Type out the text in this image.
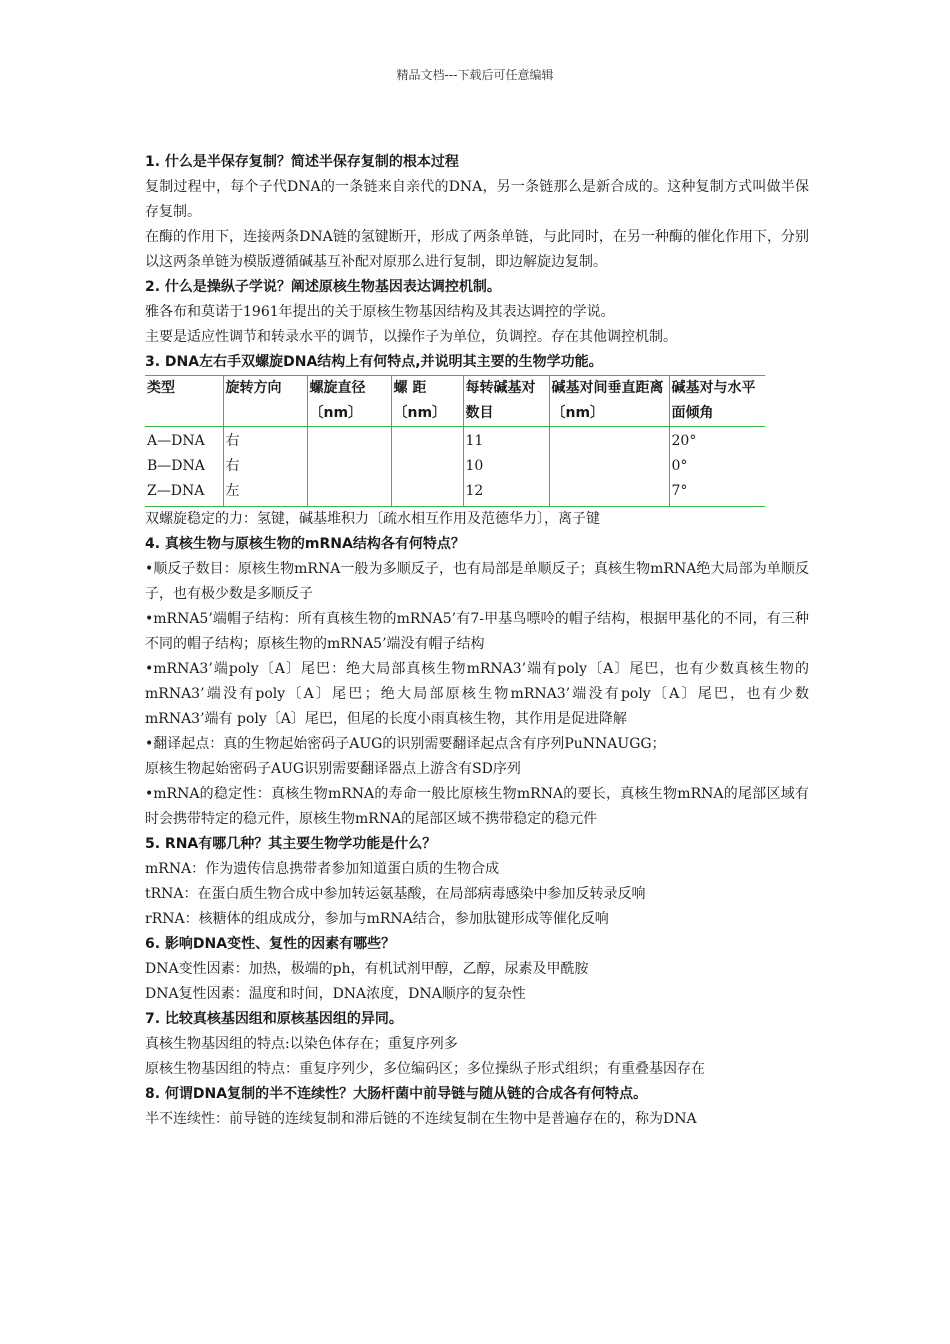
精品文档---下载后可任意编辑

1. 什么是半保存复制？简述半保存复制的根本过程

复制过程中，每个子代DNA的一条链来自亲代的DNA，另一条链那么是新合成的。这种复制方式叫做半保存复制。

在酶的作用下，连接两条DNA链的氢键断开，形成了两条单链，与此同时，在另一种酶的催化作用下，分别以这两条单链为模版遵循碱基互补配对原那么进行复制，即边解旋边复制。

2. 什么是操纵子学说？阐述原核生物基因表达调控机制。

雅各布和莫诺于1961年提出的关于原核生物基因结构及其表达调控的学说。

主要是适应性调节和转录水平的调节，以操作子为单位，负调控。存在其他调控机制。

3. DNA左右手双螺旋DNA结构上有何特点,并说明其主要的生物学功能。

类型	旋转方向	螺旋直径〔nm〕	螺 距〔nm〕	每转碱基对数目	碱基对间垂直距离〔nm〕	碱基对与水平面倾角
A—DNA	右			11		20°
B—DNA	右			10		0°
Z—DNA	左			12		7°

双螺旋稳定的力：氢键，碱基堆积力〔疏水相互作用及范德华力〕，离子键

4. 真核生物与原核生物的mRNA结构各有何特点？

•顺反子数目：原核生物mRNA一般为多顺反子，也有局部是单顺反子；真核生物mRNA绝大局部为单顺反子，也有极少数是多顺反子

•mRNA5’端帽子结构：所有真核生物的mRNA5’有7-甲基鸟嘌呤的帽子结构，根据甲基化的不同，有三种不同的帽子结构；原核生物的mRNA5’端没有帽子结构

•mRNA3’端poly〔A〕尾巴：绝大局部真核生物mRNA3’端有poly〔A〕尾巴，也有少数真核生物的mRNA3’端没有poly〔A〕尾巴；绝大局部原核生物mRNA3’端没有poly〔A〕尾巴，也有少数mRNA3’端有 poly〔A〕尾巴，但尾的长度小雨真核生物，其作用是促进降解

•翻译起点：真的生物起始密码子AUG的识别需要翻译起点含有序列PuNNAUGG；

原核生物起始密码子AUG识别需要翻译器点上游含有SD序列

•mRNA的稳定性：真核生物mRNA的寿命一般比原核生物mRNA的要长，真核生物mRNA的尾部区域有时会携带特定的稳元件，原核生物mRNA的尾部区域不携带稳定的稳元件

5. RNA有哪几种？其主要生物学功能是什么？

mRNA：作为遗传信息携带者参加知道蛋白质的生物合成

tRNA：在蛋白质生物合成中参加转运氨基酸，在局部病毒感染中参加反转录反响

rRNA：核糖体的组成成分，参加与mRNA结合，参加肽键形成等催化反响

6. 影响DNA变性、复性的因素有哪些？

DNA变性因素：加热，极端的ph，有机试剂甲醇，乙醇，尿素及甲酰胺

DNA复性因素：温度和时间，DNA浓度，DNA顺序的复杂性

7. 比较真核基因组和原核基因组的异同。

真核生物基因组的特点:以染色体存在；重复序列多

原核生物基因组的特点：重复序列少，多位编码区；多位操纵子形式组织；有重叠基因存在

8. 何谓DNA复制的半不连续性？大肠杆菌中前导链与随从链的合成各有何特点。

半不连续性：前导链的连续复制和滞后链的不连续复制在生物中是普遍存在的，称为DNA
